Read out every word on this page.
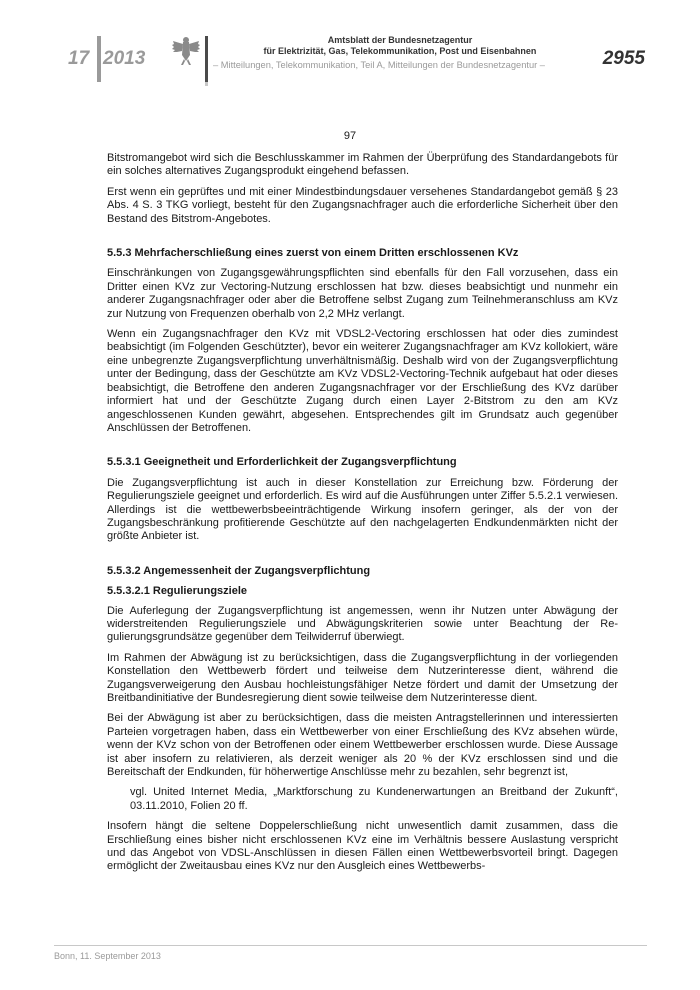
17 2013
Amtsblatt der Bundesnetzagentur
für Elektrizität, Gas, Telekommunikation, Post und Eisenbahnen
– Mitteilungen, Telekommunikation, Teil A, Mitteilungen der Bundesnetzagentur –	2955
97

Bitstromangebot wird sich die Beschlusskammer im Rahmen der Überprüfung des Standardangebots für ein solches alternatives Zugangsprodukt eingehend befassen.

Erst wenn ein geprüftes und mit einer Mindestbindungsdauer versehenes Standardangebot gemäß § 23 Abs. 4 S. 3 TKG vorliegt, besteht für den Zugangsnachfrager auch die erforderliche Sicherheit über den Bestand des Bitstrom-Angebotes.

5.5.3 Mehrfacherschließung eines zuerst von einem Dritten erschlossenen KVz

Einschränkungen von Zugangsgewährungspflichten sind ebenfalls für den Fall vorzusehen, dass ein Dritter einen KVz zur Vectoring-Nutzung erschlossen hat bzw. dieses beabsichtigt und nunmehr ein anderer Zugangsnachfrager oder aber die Betroffene selbst Zugang zum Teilnehmeranschluss am KVz zur Nutzung von Frequenzen oberhalb von 2,2 MHz verlangt.

Wenn ein Zugangsnachfrager den KVz mit VDSL2-Vectoring erschlossen hat oder dies zumindest beabsichtigt (im Folgenden Geschützter), bevor ein weiterer Zugangsnachfrager am KVz kollokiert, wäre eine unbegrenzte Zugangsverpflichtung unverhältnismäßig. Deshalb wird von der Zugangsverpflichtung unter der Bedingung, dass der Geschützte am KVz VDSL2-Vectoring-Technik aufgebaut hat oder dieses beabsichtigt, die Betroffene den anderen Zugangsnachfrager vor der Erschließung des KVz darüber informiert hat und der Geschützte Zugang durch einen Layer 2-Bitstrom zu den am KVz angeschlossenen Kunden gewährt, abgesehen. Entsprechendes gilt im Grundsatz auch gegenüber Anschlüssen der Betroffenen.

5.5.3.1 Geeignetheit und Erforderlichkeit der Zugangsverpflichtung

Die Zugangsverpflichtung ist auch in dieser Konstellation zur Erreichung bzw. Förderung der Regulierungsziele geeignet und erforderlich. Es wird auf die Ausführungen unter Ziffer 5.5.2.1 verwiesen. Allerdings ist die wettbewerbsbeeinträchtigende Wirkung insofern geringer, als der von der Zugangsbeschränkung profitierende Geschützte auf den nachgelagerten Endkundenmärkten nicht der größte Anbieter ist.

5.5.3.2 Angemessenheit der Zugangsverpflichtung
5.5.3.2.1 Regulierungsziele

Die Auferlegung der Zugangsverpflichtung ist angemessen, wenn ihr Nutzen unter Abwägung der widerstreitenden Regulierungsziele und Abwägungskriterien sowie unter Beachtung der Regulierungsgrundsätze gegenüber dem Teilwiderruf überwiegt.

Im Rahmen der Abwägung ist zu berücksichtigen, dass die Zugangsverpflichtung in der vorliegenden Konstellation den Wettbewerb fördert und teilweise dem Nutzerinteresse dient, während die Zugangsverweigerung den Ausbau hochleistungsfähiger Netze fördert und damit der Umsetzung der Breitbandinitiative der Bundesregierung dient sowie teilweise dem Nutzerinteresse dient.

Bei der Abwägung ist aber zu berücksichtigen, dass die meisten Antragstellerinnen und interessierten Parteien vorgetragen haben, dass ein Wettbewerber von einer Erschließung des KVz absehen würde, wenn der KVz schon von der Betroffenen oder einem Wettbewerber erschlossen wurde. Diese Aussage ist aber insofern zu relativieren, als derzeit weniger als 20 % der KVz erschlossen sind und die Bereitschaft der Endkunden, für höherwertige Anschlüsse mehr zu bezahlen, sehr begrenzt ist,

vgl. United Internet Media, „Marktforschung zu Kundenerwartungen an Breitband der Zukunft“, 03.11.2010, Folien 20 ff.

Insofern hängt die seltene Doppelerschließung nicht unwesentlich damit zusammen, dass die Erschließung eines bisher nicht erschlossenen KVz eine im Verhältnis bessere Auslastung verspricht und das Angebot von VDSL-Anschlüssen in diesen Fällen einen Wettbewerbsvorteil bringt. Dagegen ermöglicht der Zweitausbau eines KVz nur den Ausgleich eines Wettbewerbs-

Bonn, 11. September 2013
